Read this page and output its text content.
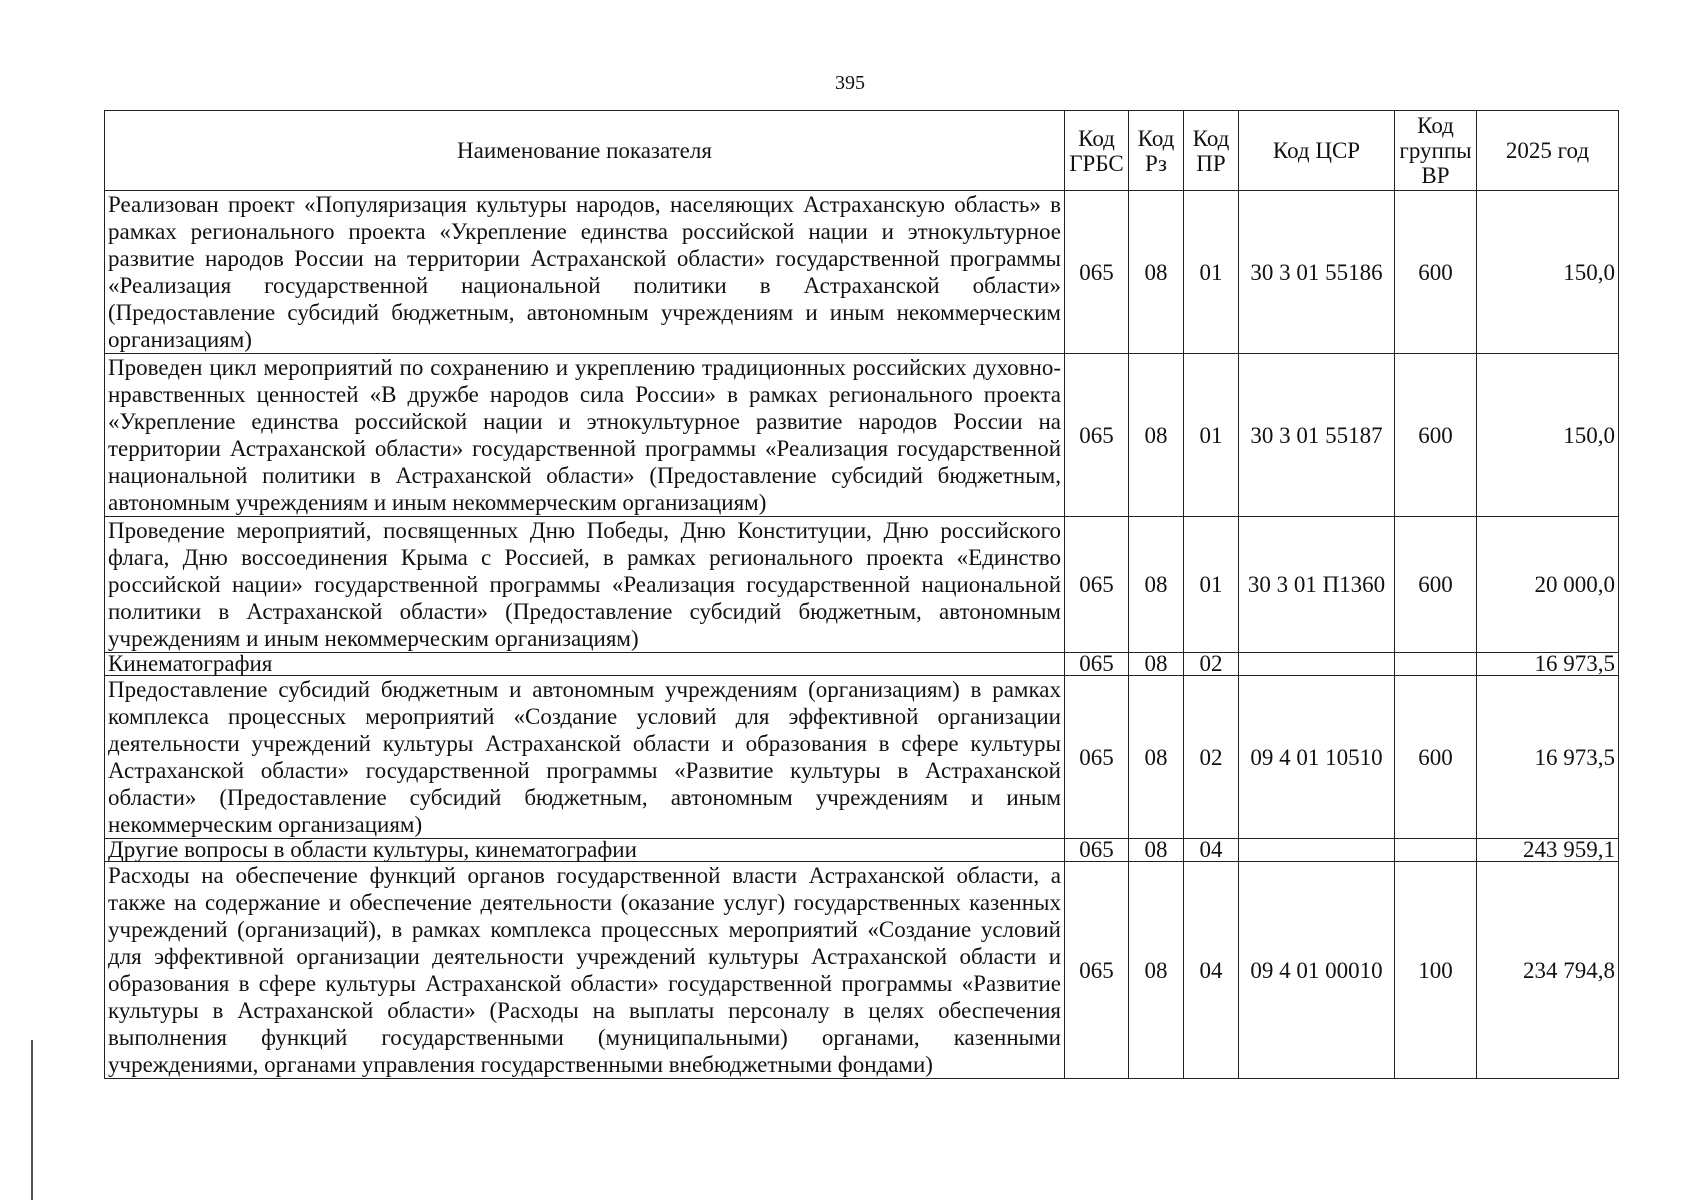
395
Наименование показателя	Код ГРБС	Код Рз	Код ПР	Код ЦСР	Код группы ВР	2025 год
Реализован проект «Популяризация культуры народов, населяющих Астраханскую область» в рамках регионального проекта «Укрепление единства российской нации и этнокультурное развитие народов России на территории Астраханской области» государственной программы «Реализация государственной национальной политики в Астраханской области» (Предоставление субсидий бюджетным, автономным учреждениям и иным некоммерческим организациям)	065	08	01	30 3 01 55186	600	150,0
Проведен цикл мероприятий по сохранению и укреплению традиционных российских духовно-нравственных ценностей «В дружбе народов сила России» в рамках регионального проекта «Укрепление единства российской нации и этнокультурное развитие народов России на территории Астраханской области» государственной программы «Реализация государственной национальной политики в Астраханской области» (Предоставление субсидий бюджетным, автономным учреждениям и иным некоммерческим организациям)	065	08	01	30 3 01 55187	600	150,0
Проведение мероприятий, посвященных Дню Победы, Дню Конституции, Дню российского флага, Дню воссоединения Крыма с Россией, в рамках регионального проекта «Единство российской нации» государственной программы «Реализация государственной национальной политики в Астраханской области» (Предоставление субсидий бюджетным, автономным учреждениям и иным некоммерческим организациям)	065	08	01	30 3 01 П1360	600	20 000,0
Кинематография	065	08	02			16 973,5
Предоставление субсидий бюджетным и автономным учреждениям (организациям) в рамках комплекса процессных мероприятий «Создание условий для эффективной организации деятельности учреждений культуры Астраханской области и образования в сфере культуры Астраханской области» государственной программы «Развитие культуры в Астраханской области» (Предоставление субсидий бюджетным, автономным учреждениям и иным некоммерческим организациям)	065	08	02	09 4 01 10510	600	16 973,5
Другие вопросы в области культуры, кинематографии	065	08	04			243 959,1
Расходы на обеспечение функций органов государственной власти Астраханской области, а также на содержание и обеспечение деятельности (оказание услуг) государственных казенных учреждений (организаций), в рамках комплекса процессных мероприятий «Создание условий для эффективной организации деятельности учреждений культуры Астраханской области и образования в сфере культуры Астраханской области» государственной программы «Развитие культуры в Астраханской области» (Расходы на выплаты персоналу в целях обеспечения выполнения функций государственными (муниципальными) органами, казенными учреждениями, органами управления государственными внебюджетными фондами)	065	08	04	09 4 01 00010	100	234 794,8
